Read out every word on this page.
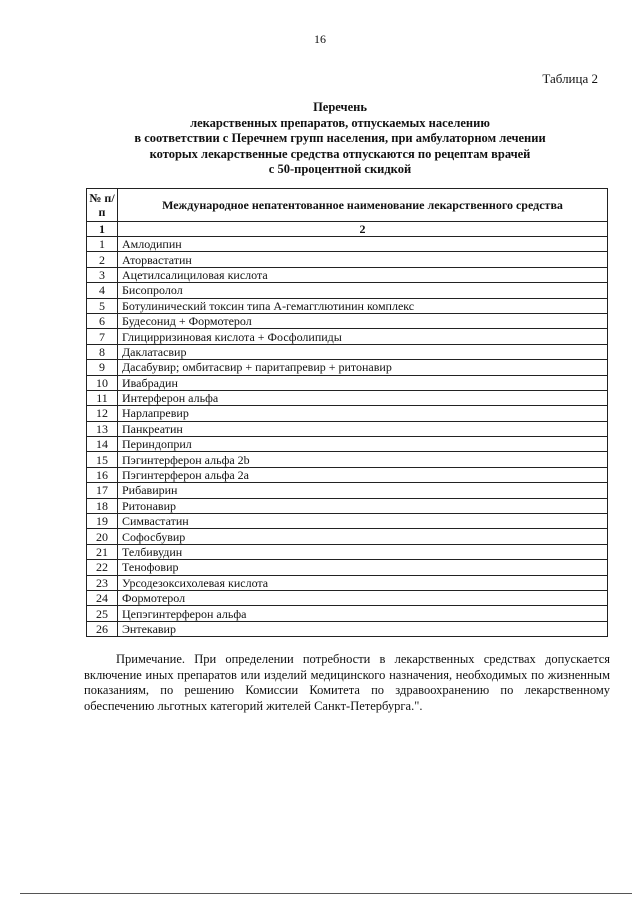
16
Таблица 2
Перечень
лекарственных препаратов, отпускаемых населению
в соответствии с Перечнем групп населения, при амбулаторном лечении
которых лекарственные средства отпускаются по рецептам врачей
с 50-процентной скидкой
№ п/п	Международное непатентованное наименование лекарственного средства
1	2
1	Амлодипин
2	Аторвастатин
3	Ацетилсалициловая кислота
4	Бисопролол
5	Ботулинический токсин типа А-гемагглютинин комплекс
6	Будесонид + Формотерол
7	Глицирризиновая кислота + Фосфолипиды
8	Даклатасвир
9	Дасабувир; омбитасвир + паритапревир + ритонавир
10	Ивабрадин
11	Интерферон альфа
12	Нарлапревир
13	Панкреатин
14	Периндоприл
15	Пэгинтерферон альфа 2b
16	Пэгинтерферон альфа 2a
17	Рибавирин
18	Ритонавир
19	Симвастатин
20	Софосбувир
21	Телбивудин
22	Тенофовир
23	Урсодезоксихолевая кислота
24	Формотерол
25	Цепэгинтерферон альфа
26	Энтекавир
Примечание. При определении потребности в лекарственных средствах допускается включение иных препаратов или изделий медицинского назначения, необходимых по жизненным показаниям, по решению Комиссии Комитета по здравоохранению по лекарственному обеспечению льготных категорий жителей Санкт-Петербурга.".
